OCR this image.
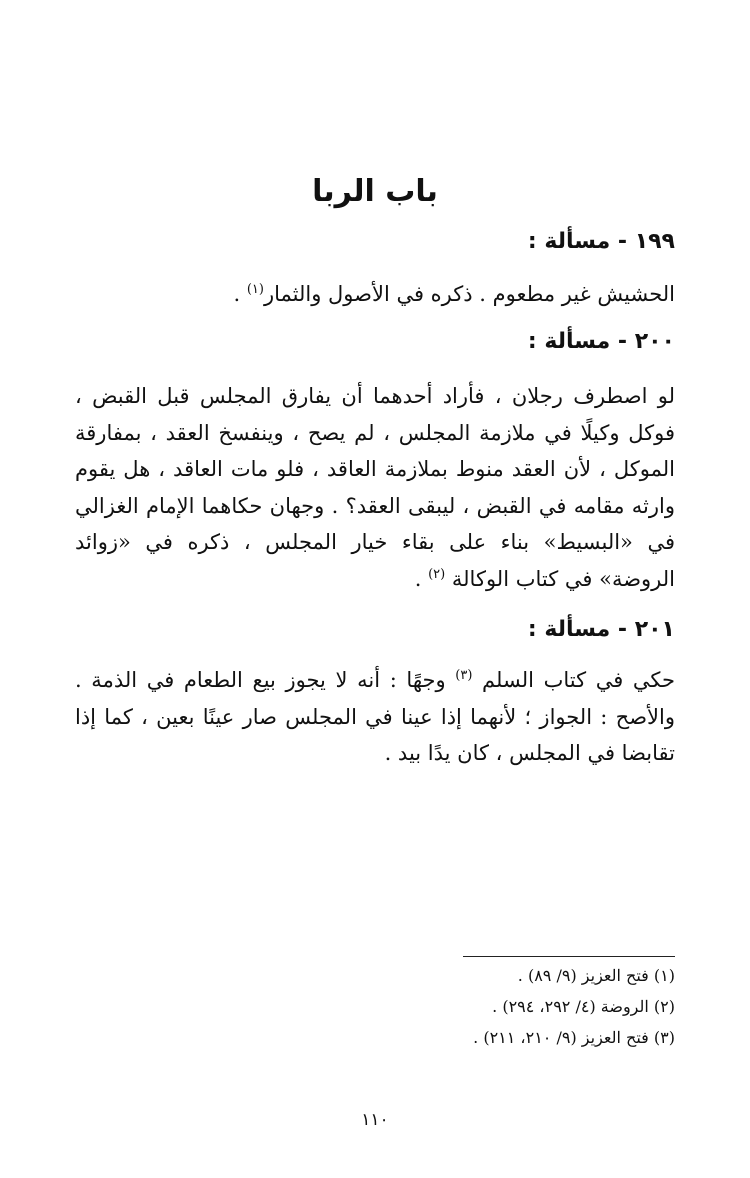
باب الربا
١٩٩ - مسألة :
الحشيش غير مطعوم . ذكره في الأصول والثمار$^{(١)}$ .
٢٠٠ - مسألة :
لو اصطرف رجلان ، فأراد أحدهما أن يفارق المجلس قبل القبض ، فوكل وكيلًا في ملازمة المجلس ، لم يصح ، وينفسخ العقد ، بمفارقة الموكل ، لأن العقد منوط بملازمة العاقد ، فلو مات العاقد ، هل يقوم وارثه مقامه في القبض ، ليبقى العقد؟ . وجهان حكاهما الإمام الغزالي في «البسيط» بناء على بقاء خيار المجلس ، ذكره في «زوائد الروضة» في كتاب الوكالة $^{(٢)}$ .
٢٠١ - مسألة :
حكي في كتاب السلم $^{(٣)}$ وجهًا : أنه لا يجوز بيع الطعام في الذمة . والأصح : الجواز ؛ لأنهما إذا عينا في المجلس صار عينًا بعين ، كما إذا تقابضا في المجلس ، كان يدًا بيد .
(١) فتح العزيز (٩/ ٨٩) .
(٢) الروضة (٤/ ٢٩٢، ٢٩٤) .
(٣) فتح العزيز (٩/ ٢١٠، ٢١١) .
١١٠
